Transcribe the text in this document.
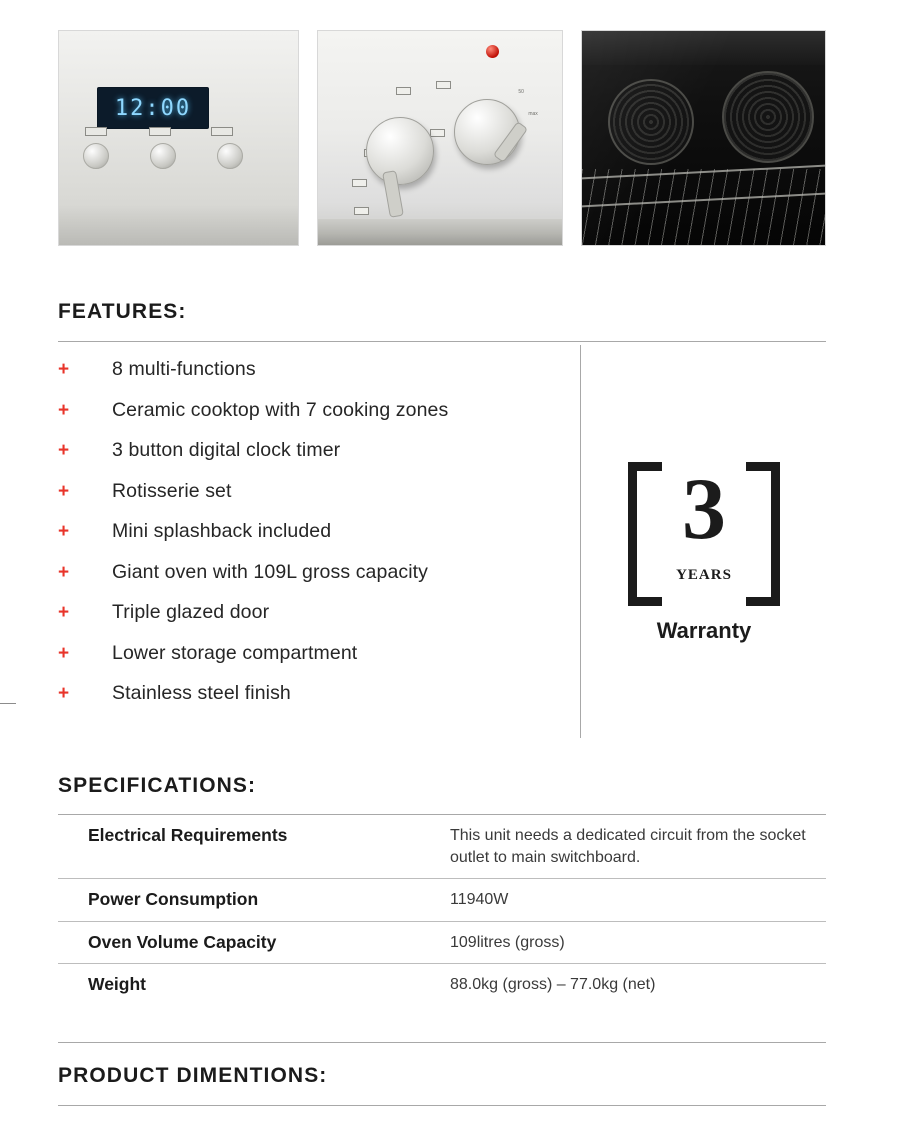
12:00
50
max
FEATURES:
+	8 multi-functions
+	Ceramic cooktop with 7 cooking zones
+	3 button digital clock timer
+	Rotisserie set
+	Mini splashback included
+	Giant oven with 109L gross capacity
+	Triple glazed door
+	Lower storage compartment
+	Stainless steel finish
3
YEARS
Warranty
SPECIFICATIONS:
Electrical Requirements	This unit needs a dedicated circuit from the socket outlet to main switchboard.
Power Consumption	11940W
Oven Volume Capacity	109litres (gross)
Weight	88.0kg (gross) – 77.0kg (net)
PRODUCT DIMENTIONS:
